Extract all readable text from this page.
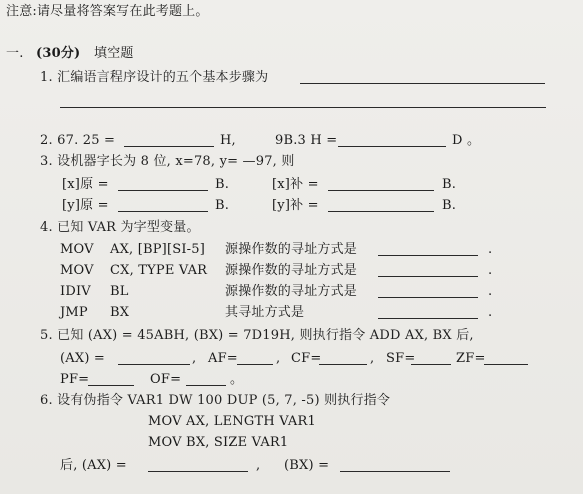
注意:请尽量将答案写在此考题上。
一. (30分) 填空题
1. 汇编语言程序设计的五个基本步骤为
2. 67. 25 =	H,	9B.3 H =	D 。
3. 设机器字长为 8 位, x=78, y= —97, 则
[x]原 =	B.	[x]补 =	B.
[y]原 =	B.	[y]补 =	B.
4. 已知 VAR 为字型变量。
MOV AX, [BP][SI-5] 源操作数的寻址方式是	.
MOV CX, TYPE VAR 源操作数的寻址方式是	.
IDIV BL	源操作数的寻址方式是	.
JMP BX	其寻址方式是	.
5. 已知 (AX) = 45ABH, (BX) = 7D19H, 则执行指令 ADD AX, BX 后,
(AX) =	, AF=	, CF=	, SF=	ZF=
PF=	OF=	。
6. 设有伪指令 VAR1 DW 100 DUP (5, 7, -5) 则执行指令
MOV AX, LENGTH VAR1
MOV BX, SIZE VAR1
后, (AX) =	, (BX) =
